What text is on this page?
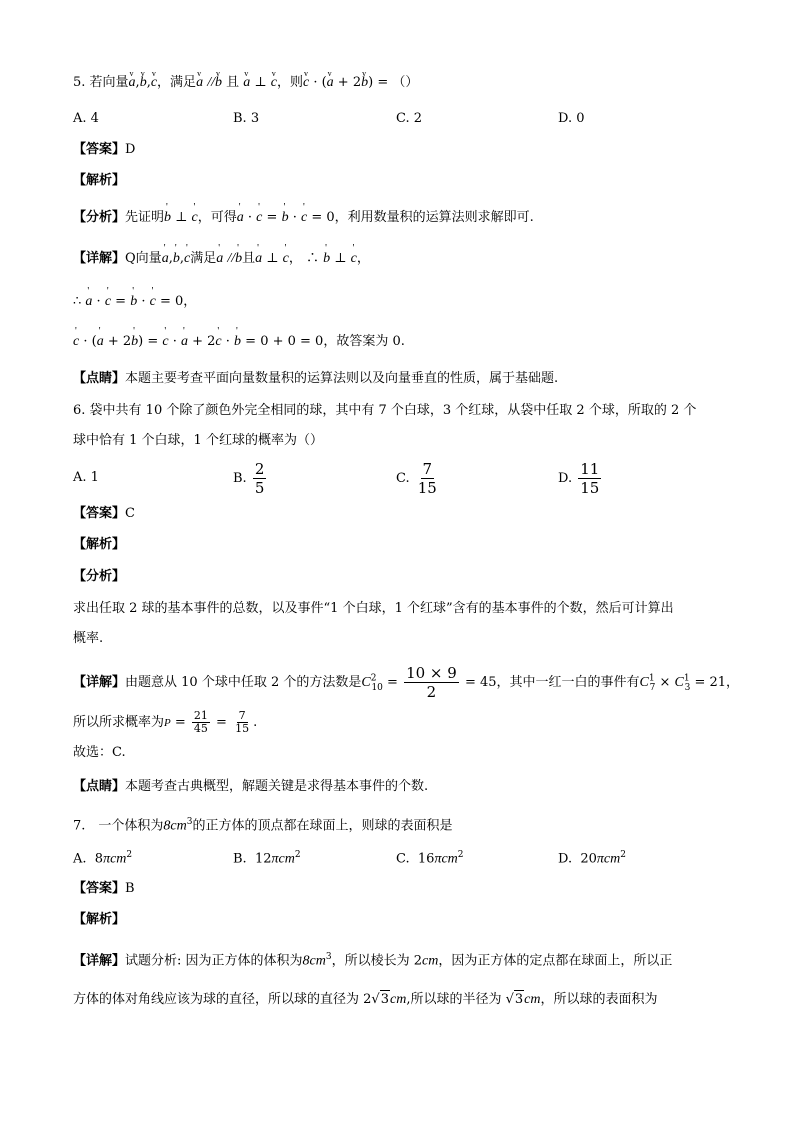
5. 若向量v a,v b,v c，满足v a //v b 且 v a ⊥ v c，则v c · (v a + 2v b) = （）
A. 4	B. 3	C. 2	D. 0
【答案】D
【解析】
【分析】先证明' b ⊥ ' c，可得' a · ' c = ' b · ' c = 0，利用数量积的运算法则求解即可.
【详解】Q向量' a,' b,' c满足' a //' b且' a ⊥ ' c， ∴ ' b ⊥ ' c，
∴ ' a · ' c = ' b · ' c = 0，
' c · (' a + 2' b) = ' c · ' a + 2' c · ' b = 0 + 0 = 0，故答案为 0.
【点睛】本题主要考查平面向量数量积的运算法则以及向量垂直的性质，属于基础题.
6. 袋中共有 10 个除了颜色外完全相同的球，其中有 7 个白球，3 个红球，从袋中任取 2 个球，所取的 2 个
球中恰有 1 个白球，1 个红球的概率为（）
A. 1	B. $\frac{2}{5}$	C. $\frac{7}{15}$	D. $\frac{11}{15}$
【答案】C
【解析】
【分析】
求出任取 2 球的基本事件的总数，以及事件“1 个白球，1 个红球”含有的基本事件的个数，然后可计算出
概率.
【详解】由题意从 10 个球中任取 2 个的方法数是$C^2_{10} = \frac{10 \times 9}{2} = 45$，其中一红一白的事件有$C^1_7 \times C^1_3 = 21$，
所以所求概率为$P = \frac{21}{45} = \frac{7}{15}$ .
故选：C.
【点睛】本题考查古典概型，解题关键是求得基本事件的个数.
7.　一个体积为$8cm^3$的正方体的顶点都在球面上，则球的表面积是
A. 8πcm$^2$	B. 12πcm$^2$	C. 16πcm$^2$	D. 20πcm$^2$
【答案】B
【解析】
【详解】试题分析: 因为正方体的体积为$8cm^3$，所以棱长为 2cm，因为正方体的定点都在球面上，所以正
方体的体对角线应该为球的直径，所以球的直径为 2√3cm,所以球的半径为 √3cm，所以球的表面积为
